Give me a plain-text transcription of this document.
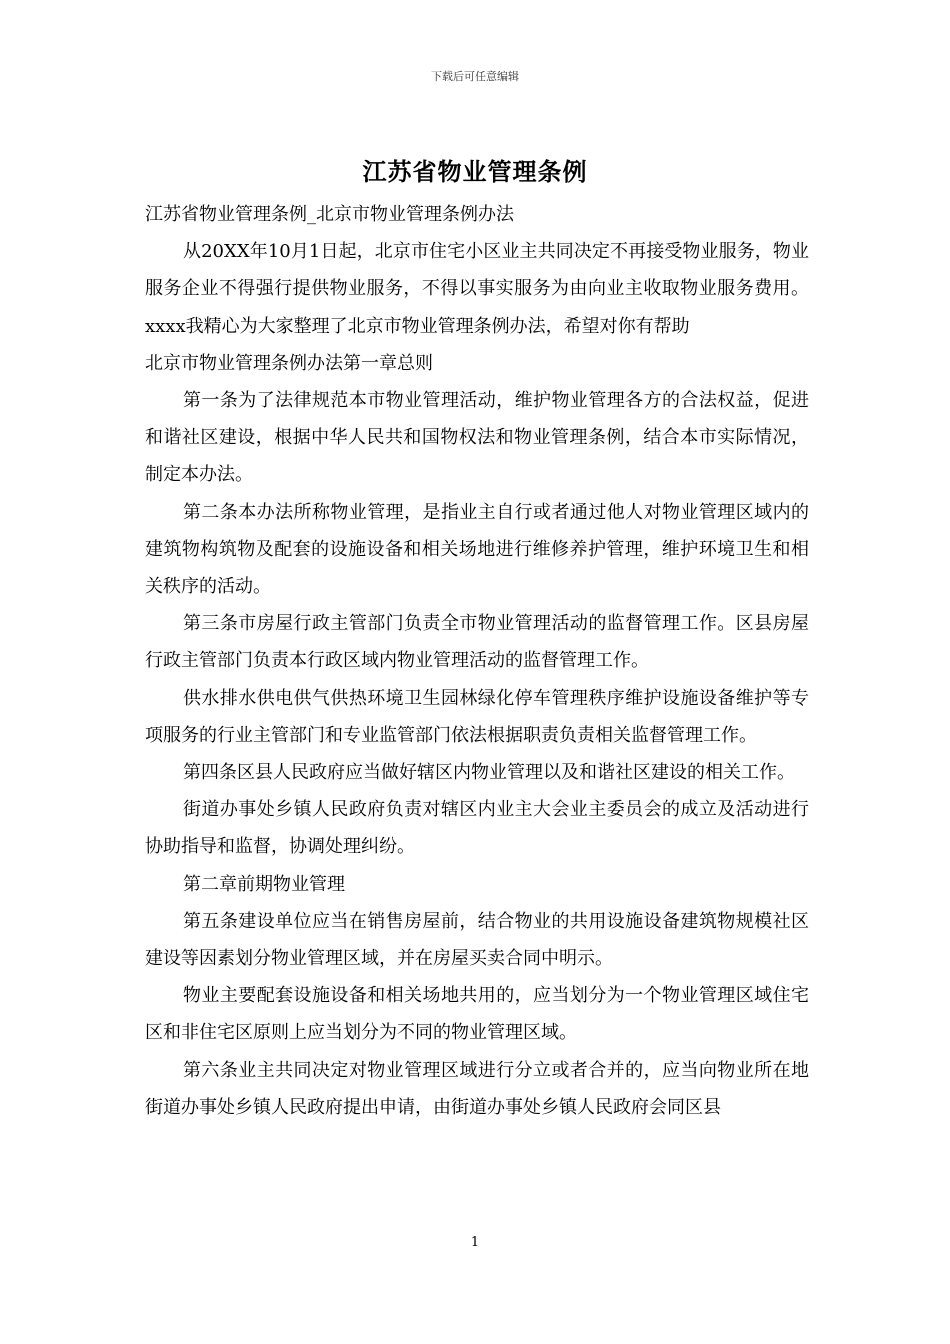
下载后可任意编辑
江苏省物业管理条例

江苏省物业管理条例_北京市物业管理条例办法

从20XX年10月1日起，北京市住宅小区业主共同决定不再接受物业服务，物业服务企业不得强行提供物业服务，不得以事实服务为由向业主收取物业服务费用。xxxx我精心为大家整理了北京市物业管理条例办法，希望对你有帮助

北京市物业管理条例办法第一章总则

第一条为了法律规范本市物业管理活动，维护物业管理各方的合法权益，促进和谐社区建设，根据中华人民共和国物权法和物业管理条例，结合本市实际情况，制定本办法。

第二条本办法所称物业管理，是指业主自行或者通过他人对物业管理区域内的建筑物构筑物及配套的设施设备和相关场地进行维修养护管理，维护环境卫生和相关秩序的活动。

第三条市房屋行政主管部门负责全市物业管理活动的监督管理工作。区县房屋行政主管部门负责本行政区域内物业管理活动的监督管理工作。

供水排水供电供气供热环境卫生园林绿化停车管理秩序维护设施设备维护等专项服务的行业主管部门和专业监管部门依法根据职责负责相关监督管理工作。

第四条区县人民政府应当做好辖区内物业管理以及和谐社区建设的相关工作。

街道办事处乡镇人民政府负责对辖区内业主大会业主委员会的成立及活动进行协助指导和监督，协调处理纠纷。

第二章前期物业管理

第五条建设单位应当在销售房屋前，结合物业的共用设施设备建筑物规模社区建设等因素划分物业管理区域，并在房屋买卖合同中明示。

物业主要配套设施设备和相关场地共用的，应当划分为一个物业管理区域住宅区和非住宅区原则上应当划分为不同的物业管理区域。

第六条业主共同决定对物业管理区域进行分立或者合并的，应当向物业所在地街道办事处乡镇人民政府提出申请，由街道办事处乡镇人民政府会同区县

1
